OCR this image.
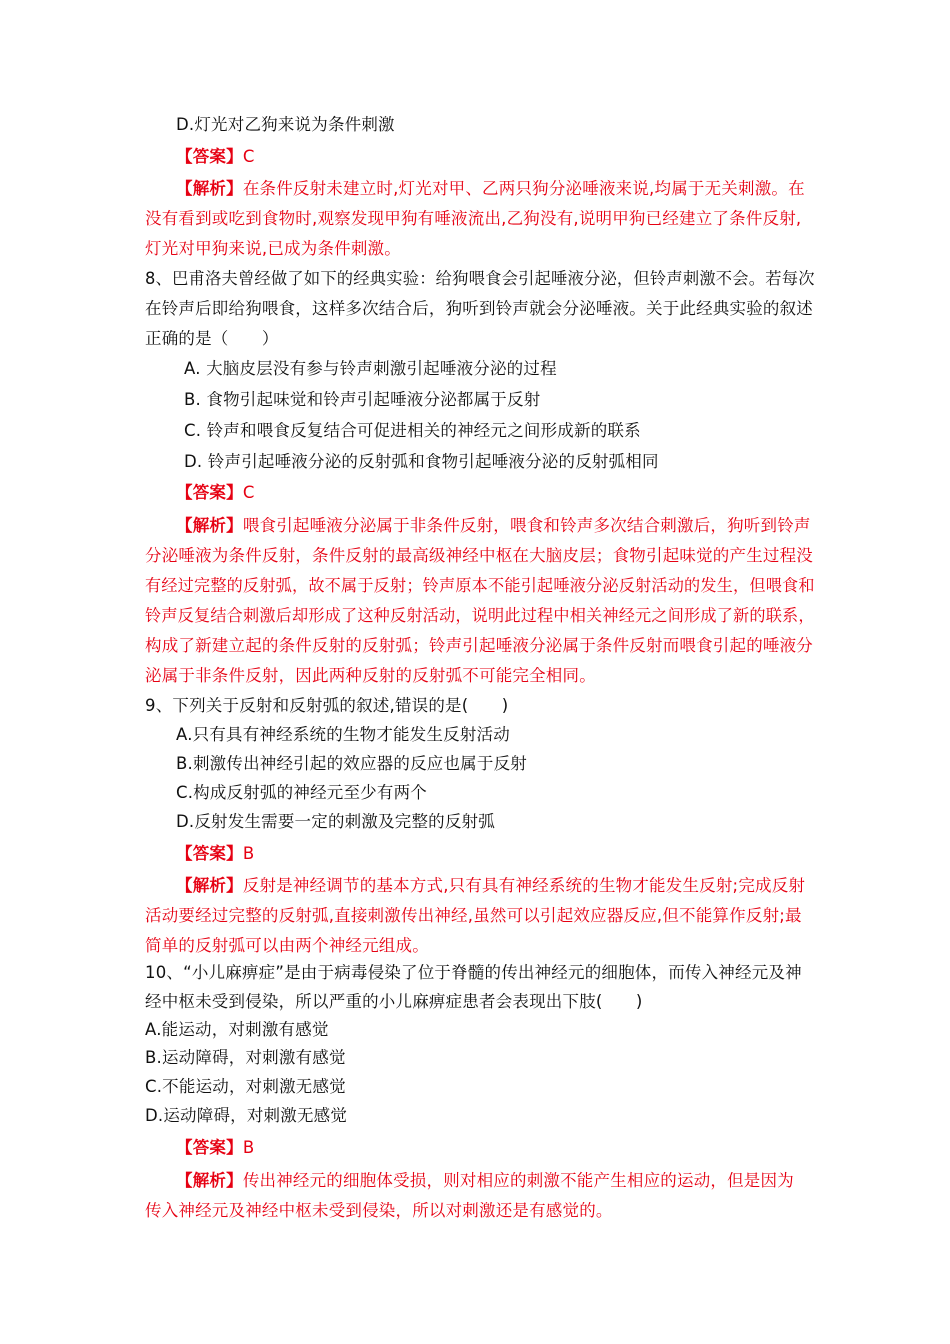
D.灯光对乙狗来说为条件刺激
【答案】C
【解析】在条件反射未建立时,灯光对甲、乙两只狗分泌唾液来说,均属于无关刺激。在
没有看到或吃到食物时,观察发现甲狗有唾液流出,乙狗没有,说明甲狗已经建立了条件反射,
灯光对甲狗来说,已成为条件刺激。
8、巴甫洛夫曾经做了如下的经典实验：给狗喂食会引起唾液分泌，但铃声刺激不会。若每次
在铃声后即给狗喂食，这样多次结合后，狗听到铃声就会分泌唾液。关于此经典实验的叙述
正确的是（　　）
A. 大脑皮层没有参与铃声刺激引起唾液分泌的过程
B. 食物引起味觉和铃声引起唾液分泌都属于反射
C. 铃声和喂食反复结合可促进相关的神经元之间形成新的联系
D. 铃声引起唾液分泌的反射弧和食物引起唾液分泌的反射弧相同
【答案】C
【解析】喂食引起唾液分泌属于非条件反射，喂食和铃声多次结合刺激后，狗听到铃声
分泌唾液为条件反射，条件反射的最高级神经中枢在大脑皮层；食物引起味觉的产生过程没
有经过完整的反射弧，故不属于反射；铃声原本不能引起唾液分泌反射活动的发生，但喂食和
铃声反复结合刺激后却形成了这种反射活动，说明此过程中相关神经元之间形成了新的联系，
构成了新建立起的条件反射的反射弧；铃声引起唾液分泌属于条件反射而喂食引起的唾液分
泌属于非条件反射，因此两种反射的反射弧不可能完全相同。
9、下列关于反射和反射弧的叙述,错误的是(　　)
A.只有具有神经系统的生物才能发生反射活动
B.刺激传出神经引起的效应器的反应也属于反射
C.构成反射弧的神经元至少有两个
D.反射发生需要一定的刺激及完整的反射弧
【答案】B
【解析】反射是神经调节的基本方式,只有具有神经系统的生物才能发生反射;完成反射
活动要经过完整的反射弧,直接刺激传出神经,虽然可以引起效应器反应,但不能算作反射;最
简单的反射弧可以由两个神经元组成。
10、“小儿麻痹症”是由于病毒侵染了位于脊髓的传出神经元的细胞体，而传入神经元及神
经中枢未受到侵染，所以严重的小儿麻痹症患者会表现出下肢(　　)
A.能运动，对刺激有感觉
B.运动障碍，对刺激有感觉
C.不能运动，对刺激无感觉
D.运动障碍，对刺激无感觉
【答案】B
【解析】传出神经元的细胞体受损，则对相应的刺激不能产生相应的运动，但是因为
传入神经元及神经中枢未受到侵染，所以对刺激还是有感觉的。
